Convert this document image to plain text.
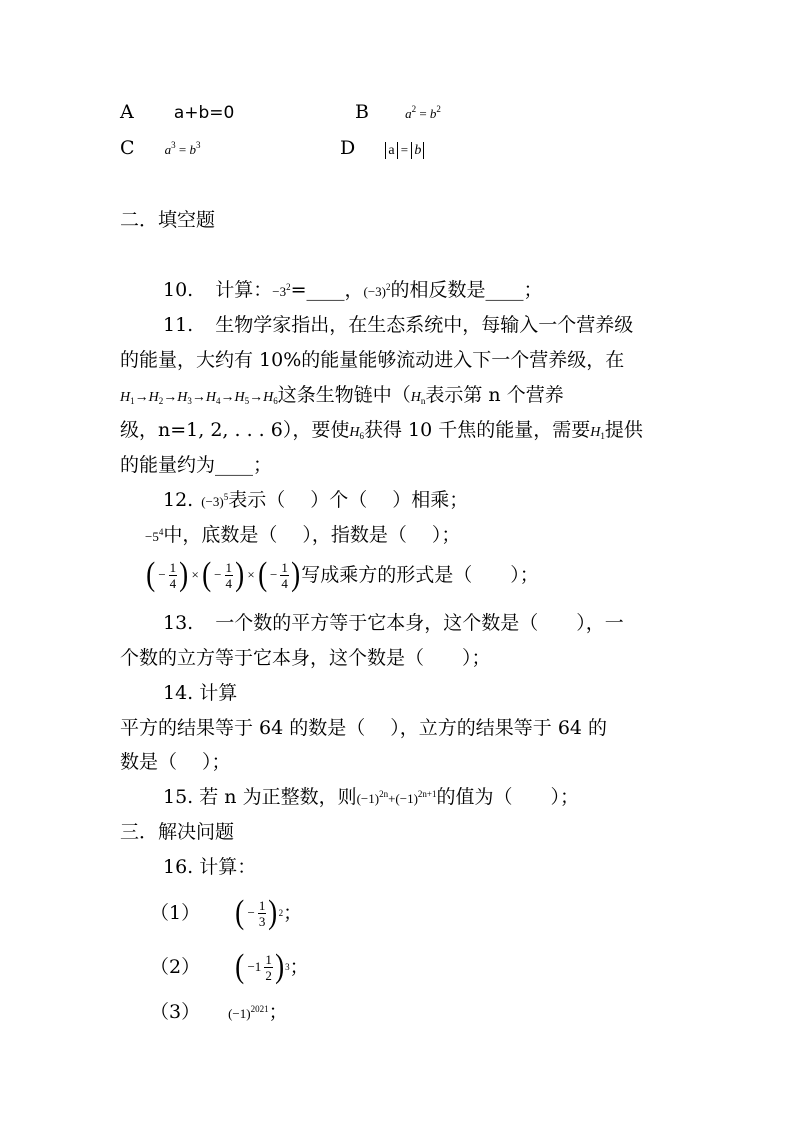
A a+b=0	B	$a^2 = b^2$
C $a^3 = b^3$	D a = b
二．填空题
10. 计算：$-3^2=\_\_\_\_$，$(-3)^2$的相反数是____；
11. 生物学家指出，在生态系统中，每输入一个营养级
的能量，大约有 10%的能量能够流动进入下一个营养级，在
$H_1\to H_2\to H_3\to H_4\to H_5\to H_6$这条生物链中（$H_n$表示第 n 个营养
级，n=1, 2, . . . 6），要使$H_6$获得 10 千焦的能量，需要$H_1$提供
的能量约为____；
12. $(-3)^5$表示（　 ）个（　 ）相乘；
$-5^4$中，底数是（　 ），指数是（　 ）；
( − $\frac{1}{4}$ ) × ( − $\frac{1}{4}$ ) × ( − $\frac{1}{4}$ ) 写成乘方的形式是（　　）；
13. 一个数的平方等于它本身，这个数是（　　），一
个数的立方等于它本身，这个数是（　　）；
14. 计算
平方的结果等于 64 的数是（　 ），立方的结果等于 64 的
数是（　 ）；
15. 若 n 为正整数，则$(-1)^{2n}+(-1)^{2n+1}$的值为（　　）；
三．解决问题
16. 计算：
（1） ( − $\frac{1}{3}$ ) 2 ；
（2） ( $-1 \frac{1}{2}$ ) 3 ；
（3） $(-1)^{2021}$；
